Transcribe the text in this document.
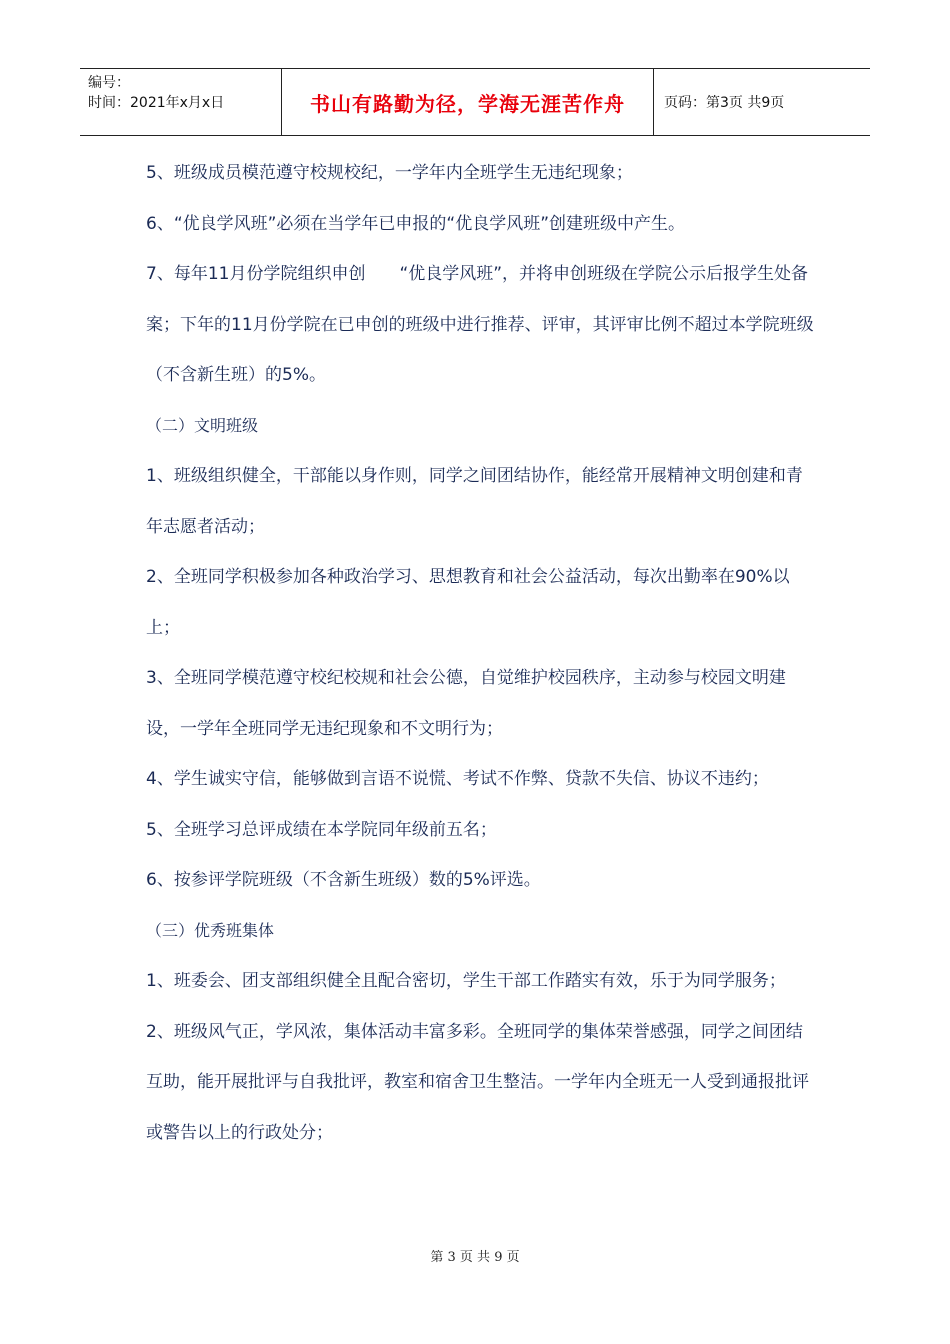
编号：
时间：2021年x月x日	书山有路勤为径，学海无涯苦作舟	页码：第3页 共9页

5、班级成员模范遵守校规校纪，一学年内全班学生无违纪现象；

6、“优良学风班”必须在当学年已申报的“优良学风班”创建班级中产生。

7、每年11月份学院组织申创　　“优良学风班”，并将申创班级在学院公示后报学生处备案；下年的11月份学院在已申创的班级中进行推荐、评审，其评审比例不超过本学院班级（不含新生班）的5%。

（二）文明班级

1、班级组织健全，干部能以身作则，同学之间团结协作，能经常开展精神文明创建和青年志愿者活动；

2、全班同学积极参加各种政治学习、思想教育和社会公益活动，每次出勤率在90%以上；

3、全班同学模范遵守校纪校规和社会公德，自觉维护校园秩序，主动参与校园文明建设，一学年全班同学无违纪现象和不文明行为；

4、学生诚实守信，能够做到言语不说慌、考试不作弊、贷款不失信、协议不违约；

5、全班学习总评成绩在本学院同年级前五名；

6、按参评学院班级（不含新生班级）数的5%评选。

（三）优秀班集体

1、班委会、团支部组织健全且配合密切，学生干部工作踏实有效，乐于为同学服务；

2、班级风气正，学风浓，集体活动丰富多彩。全班同学的集体荣誉感强，同学之间团结互助，能开展批评与自我批评，教室和宿舍卫生整洁。一学年内全班无一人受到通报批评或警告以上的行政处分；

第 3 页 共 9 页
